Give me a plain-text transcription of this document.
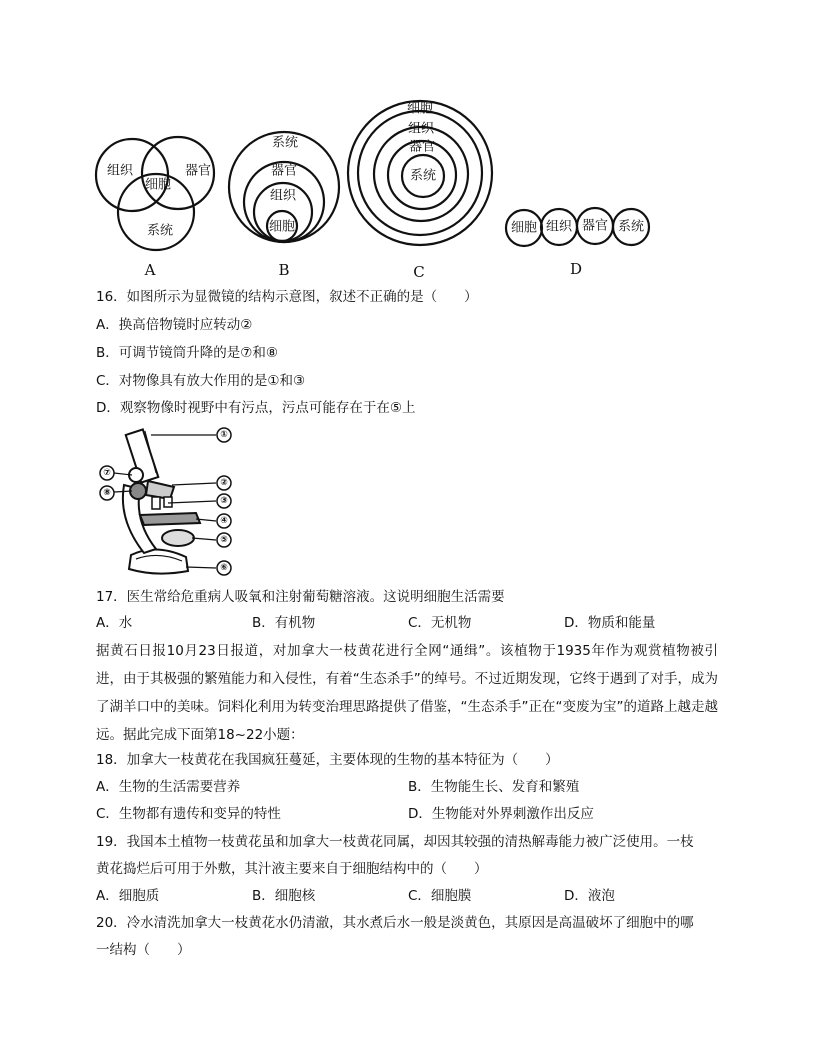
组织	器官
细胞
系统
A
系统
器官
组织
细胞
B
细胞
组织
器官
系统
C
细胞 组织 器官 系统
D
16．如图所示为显微镜的结构示意图，叙述不正确的是（　　）
A．换高倍物镜时应转动②
B．可调节镜筒升降的是⑦和⑧
C．对物像具有放大作用的是①和③
D．观察物像时视野中有污点，污点可能存在于在⑤上
①
②
③
④
⑤
⑥
⑦
⑧
17．医生常给危重病人吸氧和注射葡萄糖溶液。这说明细胞生活需要
A．水	B．有机物	C．无机物	D．物质和能量
据黄石日报10月23日报道，对加拿大一枝黄花进行全网“通缉”。该植物于1935年作为观赏植物被引进，由于其极强的繁殖能力和入侵性，有着“生态杀手”的绰号。不过近期发现，它终于遇到了对手，成为了湖羊口中的美味。饲料化利用为转变治理思路提供了借鉴，“生态杀手”正在“变废为宝”的道路上越走越远。据此完成下面第18~22小题：
18．加拿大一枝黄花在我国疯狂蔓延，主要体现的生物的基本特征为（　　）
A．生物的生活需要营养	B．生物能生长、发育和繁殖
C．生物都有遗传和变异的特性	D．生物能对外界刺激作出反应
19．我国本土植物一枝黄花虽和加拿大一枝黄花同属，却因其较强的清热解毒能力被广泛使用。一枝
黄花捣烂后可用于外敷，其汁液主要来自于细胞结构中的（　　）
A．细胞质	B．细胞核	C．细胞膜	D．液泡
20．冷水清洗加拿大一枝黄花水仍清澈，其水煮后水一般是淡黄色，其原因是高温破坏了细胞中的哪
一结构（　　）
